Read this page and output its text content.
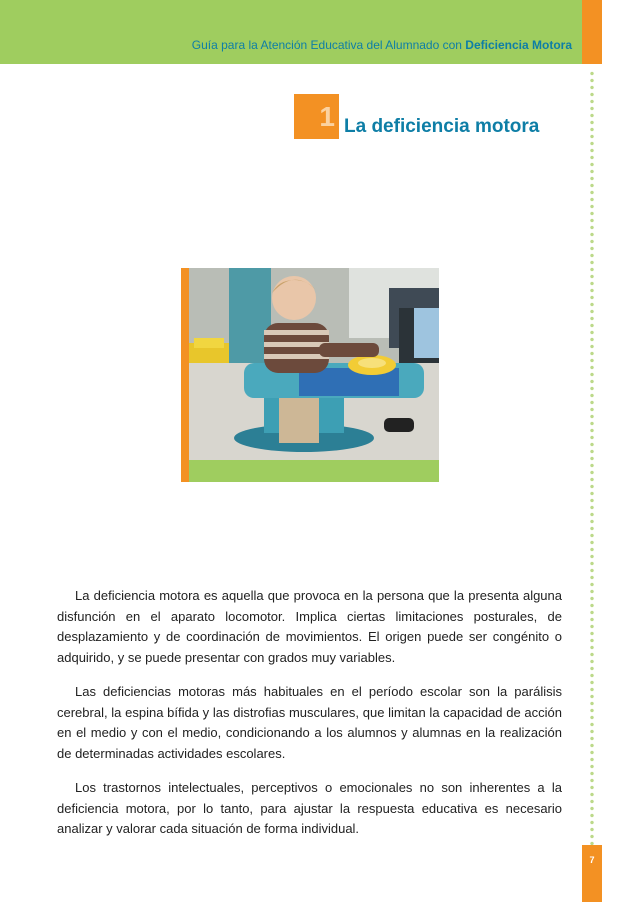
Guía para la Atención Educativa del Alumnado con Deficiencia Motora
1 La deficiencia motora

La deficiencia motora es aquella que provoca en la persona que la presenta alguna disfunción en el aparato locomotor. Implica ciertas limitaciones posturales, de desplazamiento y de coordinación de movimientos. El origen puede ser congénito o adquirido, y se puede presentar con grados muy variables.

Las deficiencias motoras más habituales en el período escolar son la parálisis cerebral, la espina bífida y las distrofias musculares, que limitan la capacidad de acción en el medio y con el medio, condicionando a los alumnos y alumnas en la realización de determinadas actividades escolares.

Los trastornos intelectuales, perceptivos o emocionales no son inherentes a la deficiencia motora, por lo tanto, para ajustar la respuesta educativa es necesario analizar y valorar cada situación de forma individual.

7
